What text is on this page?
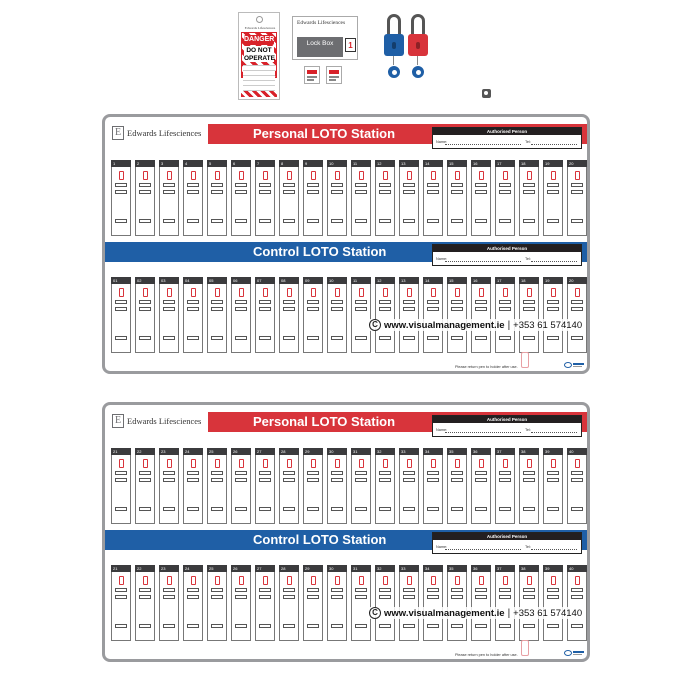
Edwards Lifesciences
DANGER
DO NOT
OPERATE
Edwards Lifesciences
Lock Box	1
E Edwards Lifesciences	Personal LOTO Station	Authorised Person
Name:	Tel:
1	2	3	4	5	6	7	8	9	10	11	12	13	14	15	16	17	18	19	20
Control LOTO Station	Authorised Person
Name:	Tel:
01	02	03	04	05	06	07	08	09	10	11	12	13	14	15	16	17	18	19	20
C www.visualmanagement.ie | +353 61 574140
Please return pen to holder after use.
E Edwards Lifesciences	Personal LOTO Station	Authorised Person
Name:	Tel:
21	22	23	24	25	26	27	28	29	30	31	32	33	34	35	36	37	38	39	40
Control LOTO Station	Authorised Person
Name:	Tel:
21	22	23	24	25	26	27	28	29	30	31	32	33	34	35	36	37	38	39	40
C www.visualmanagement.ie | +353 61 574140
Please return pen to holder after use.
